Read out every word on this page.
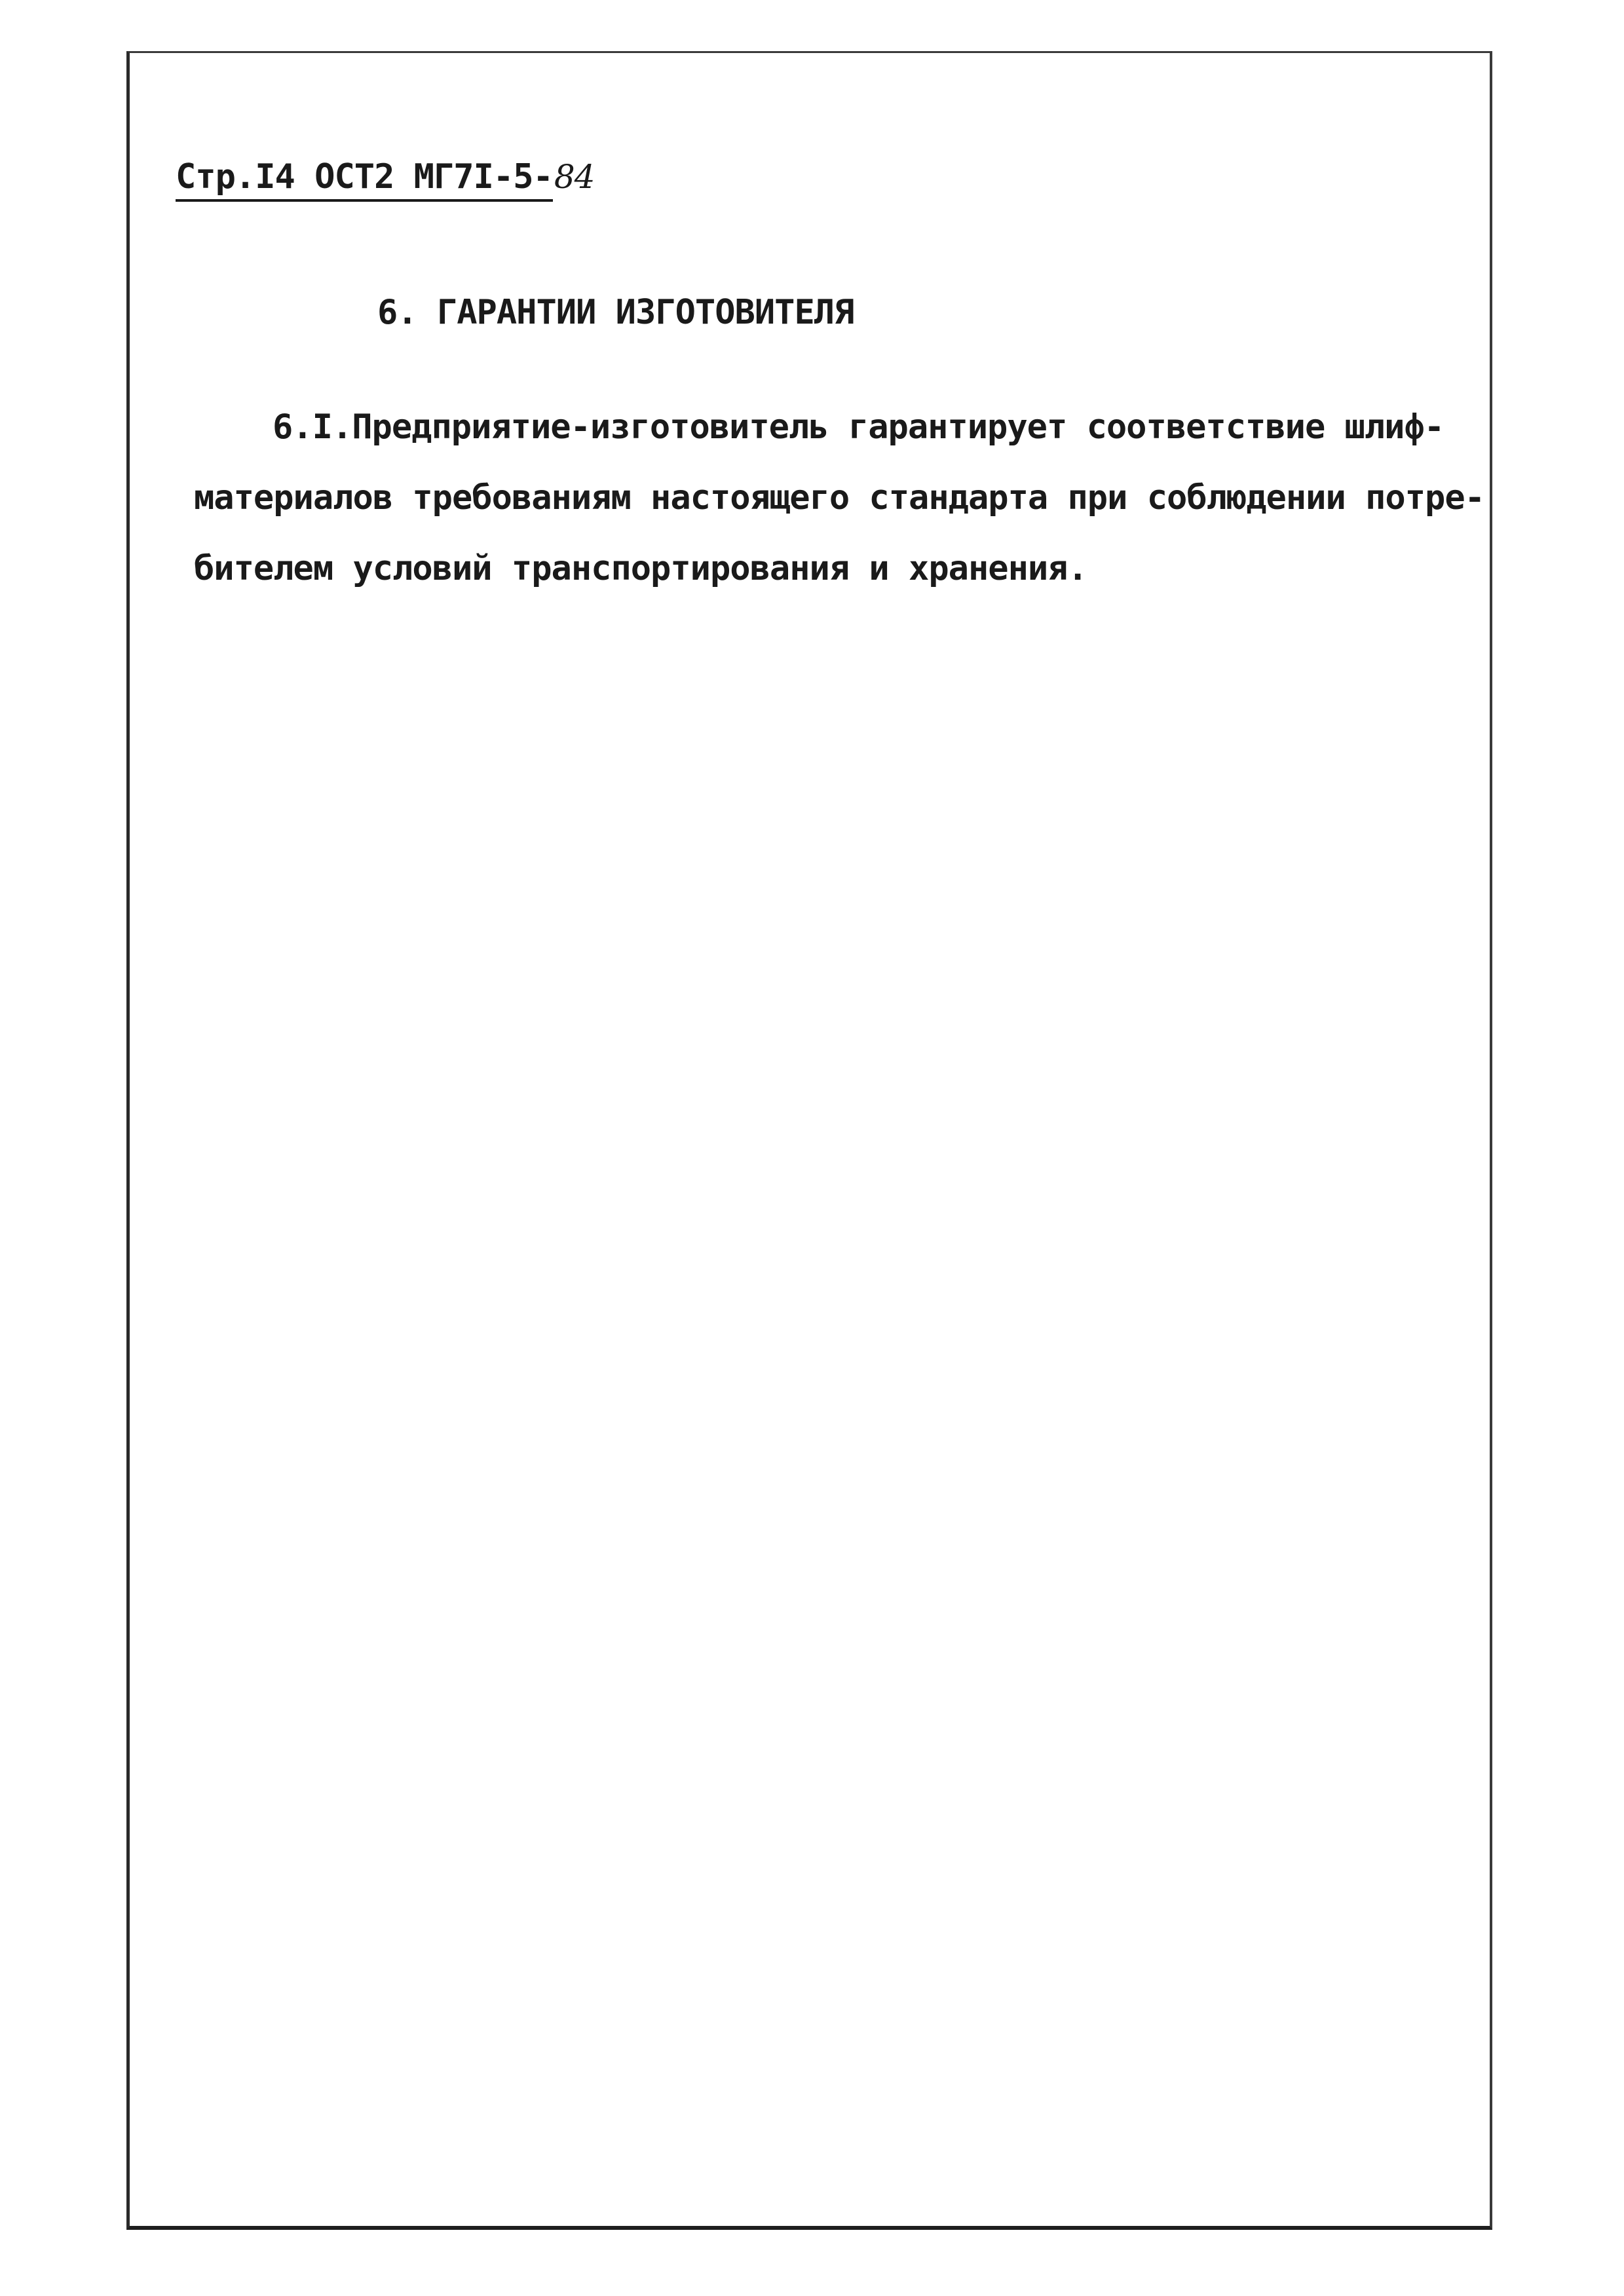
Стр.I4 ОСТ2 МГ7I-5-84
6. ГАРАНТИИ ИЗГОТОВИТЕЛЯ
6.I.Предприятие-изготовитель гарантирует соответствие шлиф-
материалов требованиям настоящего стандарта при соблюдении потре-
бителем условий транспортирования и хранения.
